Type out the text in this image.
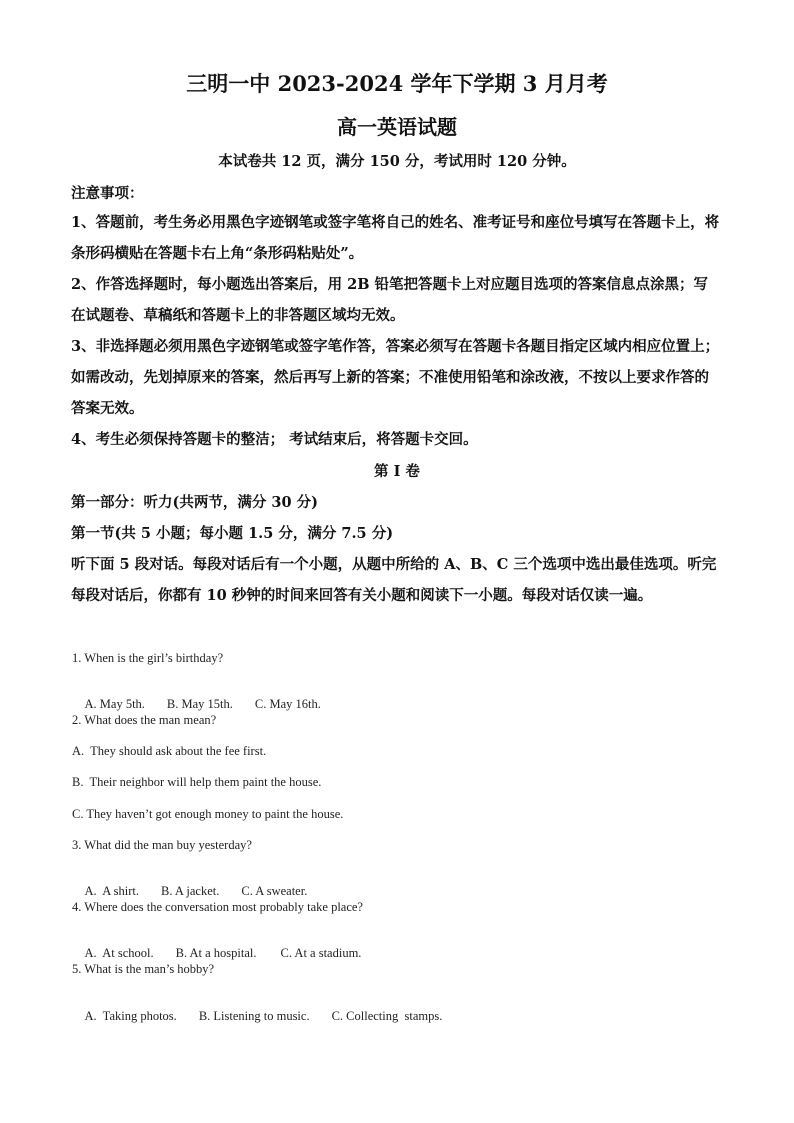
三明一中 2023-2024 学年下学期 3 月月考
高一英语试题
本试卷共 12 页，满分 150 分，考试用时 120 分钟。
注意事项：
1、答题前，考生务必用黑色字迹钢笔或签字笔将自己的姓名、准考证号和座位号填写在答题卡上，将条形码横贴在答题卡右上角“条形码粘贴处”。
2、作答选择题时，每小题选出答案后，用 2B 铅笔把答题卡上对应题目选项的答案信息点涂黑；写在试题卷、草稿纸和答题卡上的非答题区域均无效。
3、非选择题必须用黑色字迹钢笔或签字笔作答，答案必须写在答题卡各题目指定区域内相应位置上；如需改动，先划掉原来的答案，然后再写上新的答案；不准使用铅笔和涂改液，不按以上要求作答的答案无效。
4、考生必须保持答题卡的整洁； 考试结束后，将答题卡交回。
第 I 卷
第一部分：听力(共两节，满分 30 分)
第一节(共 5 小题；每小题 1.5 分，满分 7.5 分)
听下面 5 段对话。每段对话后有一个小题，从题中所给的 A、B、C 三个选项中选出最佳选项。听完每段对话后，你都有 10 秒钟的时间来回答有关小题和阅读下一小题。每段对话仅读一遍。
1. When is the girl’s birthday?

A. May 5th. B. May 15th. C. May 16th.

2. What does the man mean?
A.  They should ask about the fee first.
B.  Their neighbor will help them paint the house.
C. They haven’t got enough money to paint the house.
3. What did the man buy yesterday?

A.  A shirt. B. A jacket. C. A sweater.

4. Where does the conversation most probably take place?

A.  At school. B. At a hospital. C. At a stadium.

5. What is the man’s hobby?

A.  Taking photos. B. Listening to music. C. Collecting  stamps.
